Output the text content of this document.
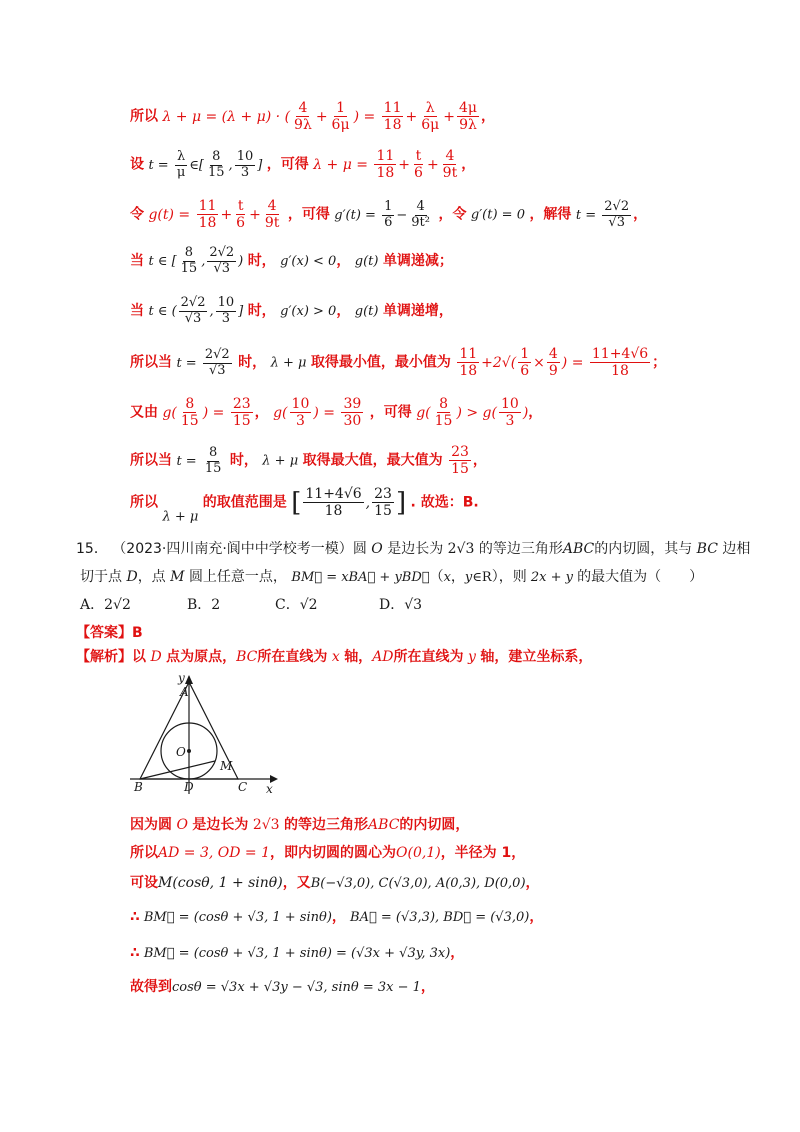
所以 λ + μ = (λ + μ) · ( $\frac{4}{9\lambda} + \frac{1}{6\mu}$ ) = $\frac{11}{18} + \frac{\lambda}{6\mu} + \frac{4\mu}{9\lambda}$ ，
设 $t = \frac{\lambda}{\mu}$ ∈[ $\frac{8}{15}$ , $\frac{10}{3}$ ] ，可得 $\lambda + \mu = \frac{11}{18} + \frac{t}{6} + \frac{4}{9t}$ ，
令 $g(t) = \frac{11}{18} + \frac{t}{6} + \frac{4}{9t}$ ，可得 $g'(t) = \frac{1}{6} - \frac{4}{\text{9t²}}$ ，令 g′(t) = 0 ，解得 $t = \frac{2√2}{√3}$ ，
当 t ∈ [ $\frac{8}{15}$ , $\frac{2√2}{√3}$ ) 时， g′(x) < 0， g(t) 单调递减；
当 t ∈ ( $\frac{2√2}{√3}$ , $\frac{10}{3}$ ] 时， g′(x) > 0， g(t) 单调递增，
所以当 $t = \frac{2√2}{√3}$ 时， λ + μ 取得最小值，最小值为 $\frac{11}{18} +2√( \frac{1}{6} \times \frac{4}{9}$ ) = $\frac{11+4√6}{18}$ ；
又由 $g( \frac{8}{15}$ ) = $\frac{23}{15}$ ， $g( \frac{10}{3}$ ) = $\frac{39}{30}$ ，可得 $g( \frac{8}{15}$ ) > $g( \frac{10}{3}$ )，
所以当 $t = \frac{8}{15}$ 时， λ + μ 取得最大值，最大值为 $\frac{23}{15}$ ，
所以 λ + μ 的取值范围是 [ $\frac{11+4√6}{18}$ , $\frac{23}{15}$ ] . 故选：B.
15． （2023·四川南充·阆中中学校考一模）圆 O 是边长为 2√3 的等边三角形ABC的内切圆，其与 BC 边相
切于点 D，点 M 圆上任意一点， BM⃗ = xBA⃗ + yBD⃗（x，y∈R），则 2x + y 的最大值为（　　）
A．2√2	B．2	C．√2	D．√3
【答案】B
【解析】以 D 点为原点，BC所在直线为 x 轴，AD所在直线为 y 轴，建立坐标系，
y
A
O
M
B	D	C x
因为圆 O 是边长为 2√3 的等边三角形ABC的内切圆，
所以AD = 3, OD = 1，即内切圆的圆心为O(0,1)，半径为 1，
可设M(cosθ, 1 + sinθ)，又B(−√3,0), C(√3,0), A(0,3), D(0,0)，
∴ BM⃗ = (cosθ + √3, 1 + sinθ)， BA⃗ = (√3,3), BD⃗ = (√3,0)，
∴ BM⃗ = (cosθ + √3, 1 + sinθ) = (√3x + √3y, 3x)，
故得到cosθ = √3x + √3y − √3, sinθ = 3x − 1，
